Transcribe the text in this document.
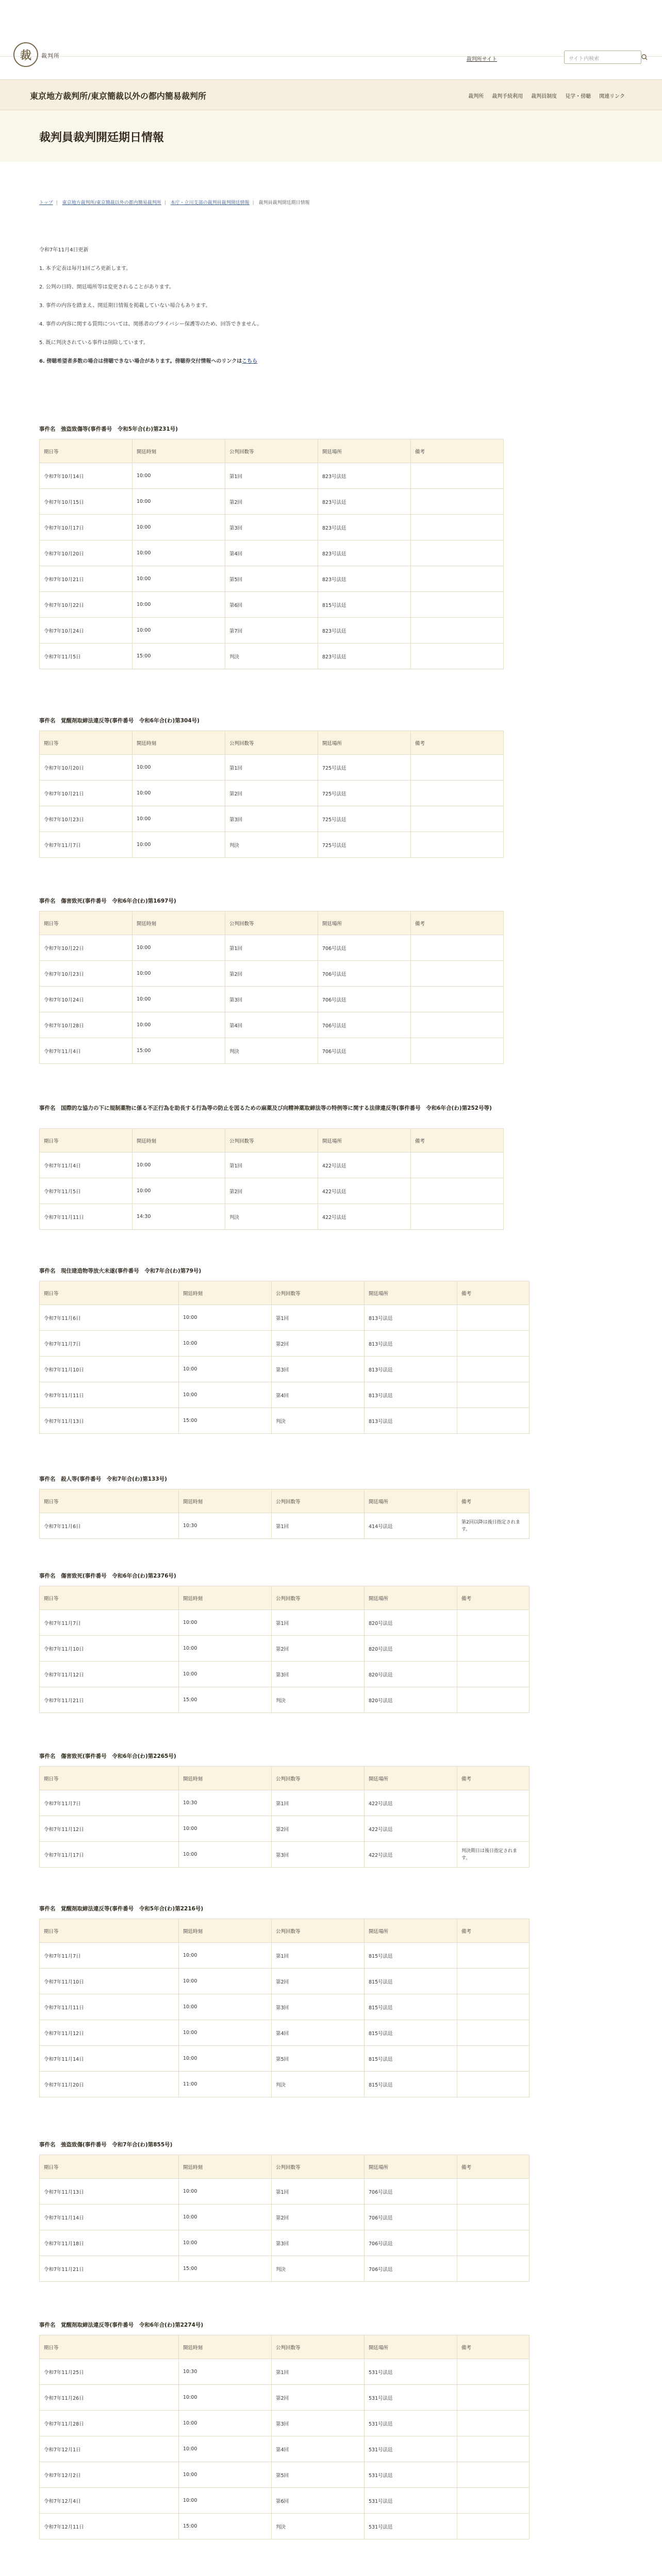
裁	裁判所
裁判所サイト	サイト内検索
東京地方裁判所/東京簡裁以外の都内簡易裁判所	裁判所 裁判手続利用 裁判員制度 見学・傍聴 関連リンク
裁判員裁判開廷期日情報
トップ | 東京地方裁判所/東京簡裁以外の都内簡易裁判所 | 本庁・立川支部の裁判員裁判開廷情報 | 裁判員裁判開廷期日情報
令和7年11月4日更新
1. 本予定表は毎月1回ごろ更新します。
2. 公判の日時、開廷場所等は変更されることがあります。
3. 事件の内容を踏まえ、開廷期日情報を掲載していない場合もあります。
4. 事件の内容に関する質問については、関係者のプライバシー保護等のため、回答できません。
5. 既に判決されている事件は削除しています。
6. 傍聴希望者多数の場合は傍聴できない場合があります。傍聴券交付情報へのリンクはこちら
事件名　強盗致傷等(事件番号　令和5年合(わ)第231号)
期日等	開廷時刻	公判回数等	開廷場所	備考
令和7年10月14日	10:00	第1回	823号法廷	
令和7年10月15日	10:00	第2回	823号法廷	
令和7年10月17日	10:00	第3回	823号法廷	
令和7年10月20日	10:00	第4回	823号法廷	
令和7年10月21日	10:00	第5回	823号法廷	
令和7年10月22日	10:00	第6回	815号法廷	
令和7年10月24日	10:00	第7回	823号法廷	
令和7年11月5日	15:00	判決	823号法廷	
事件名　覚醒剤取締法違反等(事件番号　令和6年合(わ)第304号)
期日等	開廷時刻	公判回数等	開廷場所	備考
令和7年10月20日	10:00	第1回	725号法廷	
令和7年10月21日	10:00	第2回	725号法廷	
令和7年10月23日	10:00	第3回	725号法廷	
令和7年11月7日	10:00	判決	725号法廷	
事件名　傷害致死(事件番号　令和6年合(わ)第1697号)
期日等	開廷時刻	公判回数等	開廷場所	備考
令和7年10月22日	10:00	第1回	706号法廷	
令和7年10月23日	10:00	第2回	706号法廷	
令和7年10月24日	10:00	第3回	706号法廷	
令和7年10月28日	10:00	第4回	706号法廷	
令和7年11月4日	15:00	判決	706号法廷	
事件名　国際的な協力の下に規制薬物に係る不正行為を助長する行為等の防止を図るための麻薬及び向精神薬取締法等の特例等に関する法律違反等(事件番号　令和6年合(わ)第252号等)
期日等	開廷時刻	公判回数等	開廷場所	備考
令和7年11月4日	10:00	第1回	422号法廷	
令和7年11月5日	10:00	第2回	422号法廷	
令和7年11月11日	14:30	判決	422号法廷	
事件名　現住建造物等放火未遂(事件番号　令和7年合(わ)第79号)
期日等	開廷時刻	公判回数等	開廷場所	備考
令和7年11月6日	10:00	第1回	813号法廷	
令和7年11月7日	10:00	第2回	813号法廷	
令和7年11月10日	10:00	第3回	813号法廷	
令和7年11月11日	10:00	第4回	813号法廷	
令和7年11月13日	15:00	判決	813号法廷	
事件名　殺人等(事件番号　令和7年合(わ)第133号)
期日等	開廷時刻	公判回数等	開廷場所	備考
令和7年11月6日	10:30	第1回	414号法廷	第2回以降は後日指定されます。
事件名　傷害致死(事件番号　令和6年合(わ)第2376号)
期日等	開廷時刻	公判回数等	開廷場所	備考
令和7年11月7日	10:00	第1回	820号法廷	
令和7年11月10日	10:00	第2回	820号法廷	
令和7年11月12日	10:00	第3回	820号法廷	
令和7年11月21日	15:00	判決	820号法廷	
事件名　傷害致死(事件番号　令和6年合(わ)第2265号)
期日等	開廷時刻	公判回数等	開廷場所	備考
令和7年11月7日	10:30	第1回	422号法廷	
令和7年11月12日	10:00	第2回	422号法廷	
令和7年11月17日	10:00	第3回	422号法廷	判決期日は後日指定されます。
事件名　覚醒剤取締法違反等(事件番号　令和5年合(わ)第2216号)
期日等	開廷時刻	公判回数等	開廷場所	備考
令和7年11月7日	10:00	第1回	815号法廷	
令和7年11月10日	10:00	第2回	815号法廷	
令和7年11月11日	10:00	第3回	815号法廷	
令和7年11月12日	10:00	第4回	815号法廷	
令和7年11月14日	10:00	第5回	815号法廷	
令和7年11月20日	11:00	判決	815号法廷	
事件名　強盗致傷(事件番号　令和7年合(わ)第855号)
期日等	開廷時刻	公判回数等	開廷場所	備考
令和7年11月13日	10:00	第1回	706号法廷	
令和7年11月14日	10:00	第2回	706号法廷	
令和7年11月18日	10:00	第3回	706号法廷	
令和7年11月21日	15:00	判決	706号法廷	
事件名　覚醒剤取締法違反等(事件番号　令和6年合(わ)第2274号)
期日等	開廷時刻	公判回数等	開廷場所	備考
令和7年11月25日	10:30	第1回	531号法廷	
令和7年11月26日	10:00	第2回	531号法廷	
令和7年11月28日	10:00	第3回	531号法廷	
令和7年12月1日	10:00	第4回	531号法廷	
令和7年12月2日	10:00	第5回	531号法廷	
令和7年12月4日	10:00	第6回	531号法廷	
令和7年12月11日	15:00	判決	531号法廷	
